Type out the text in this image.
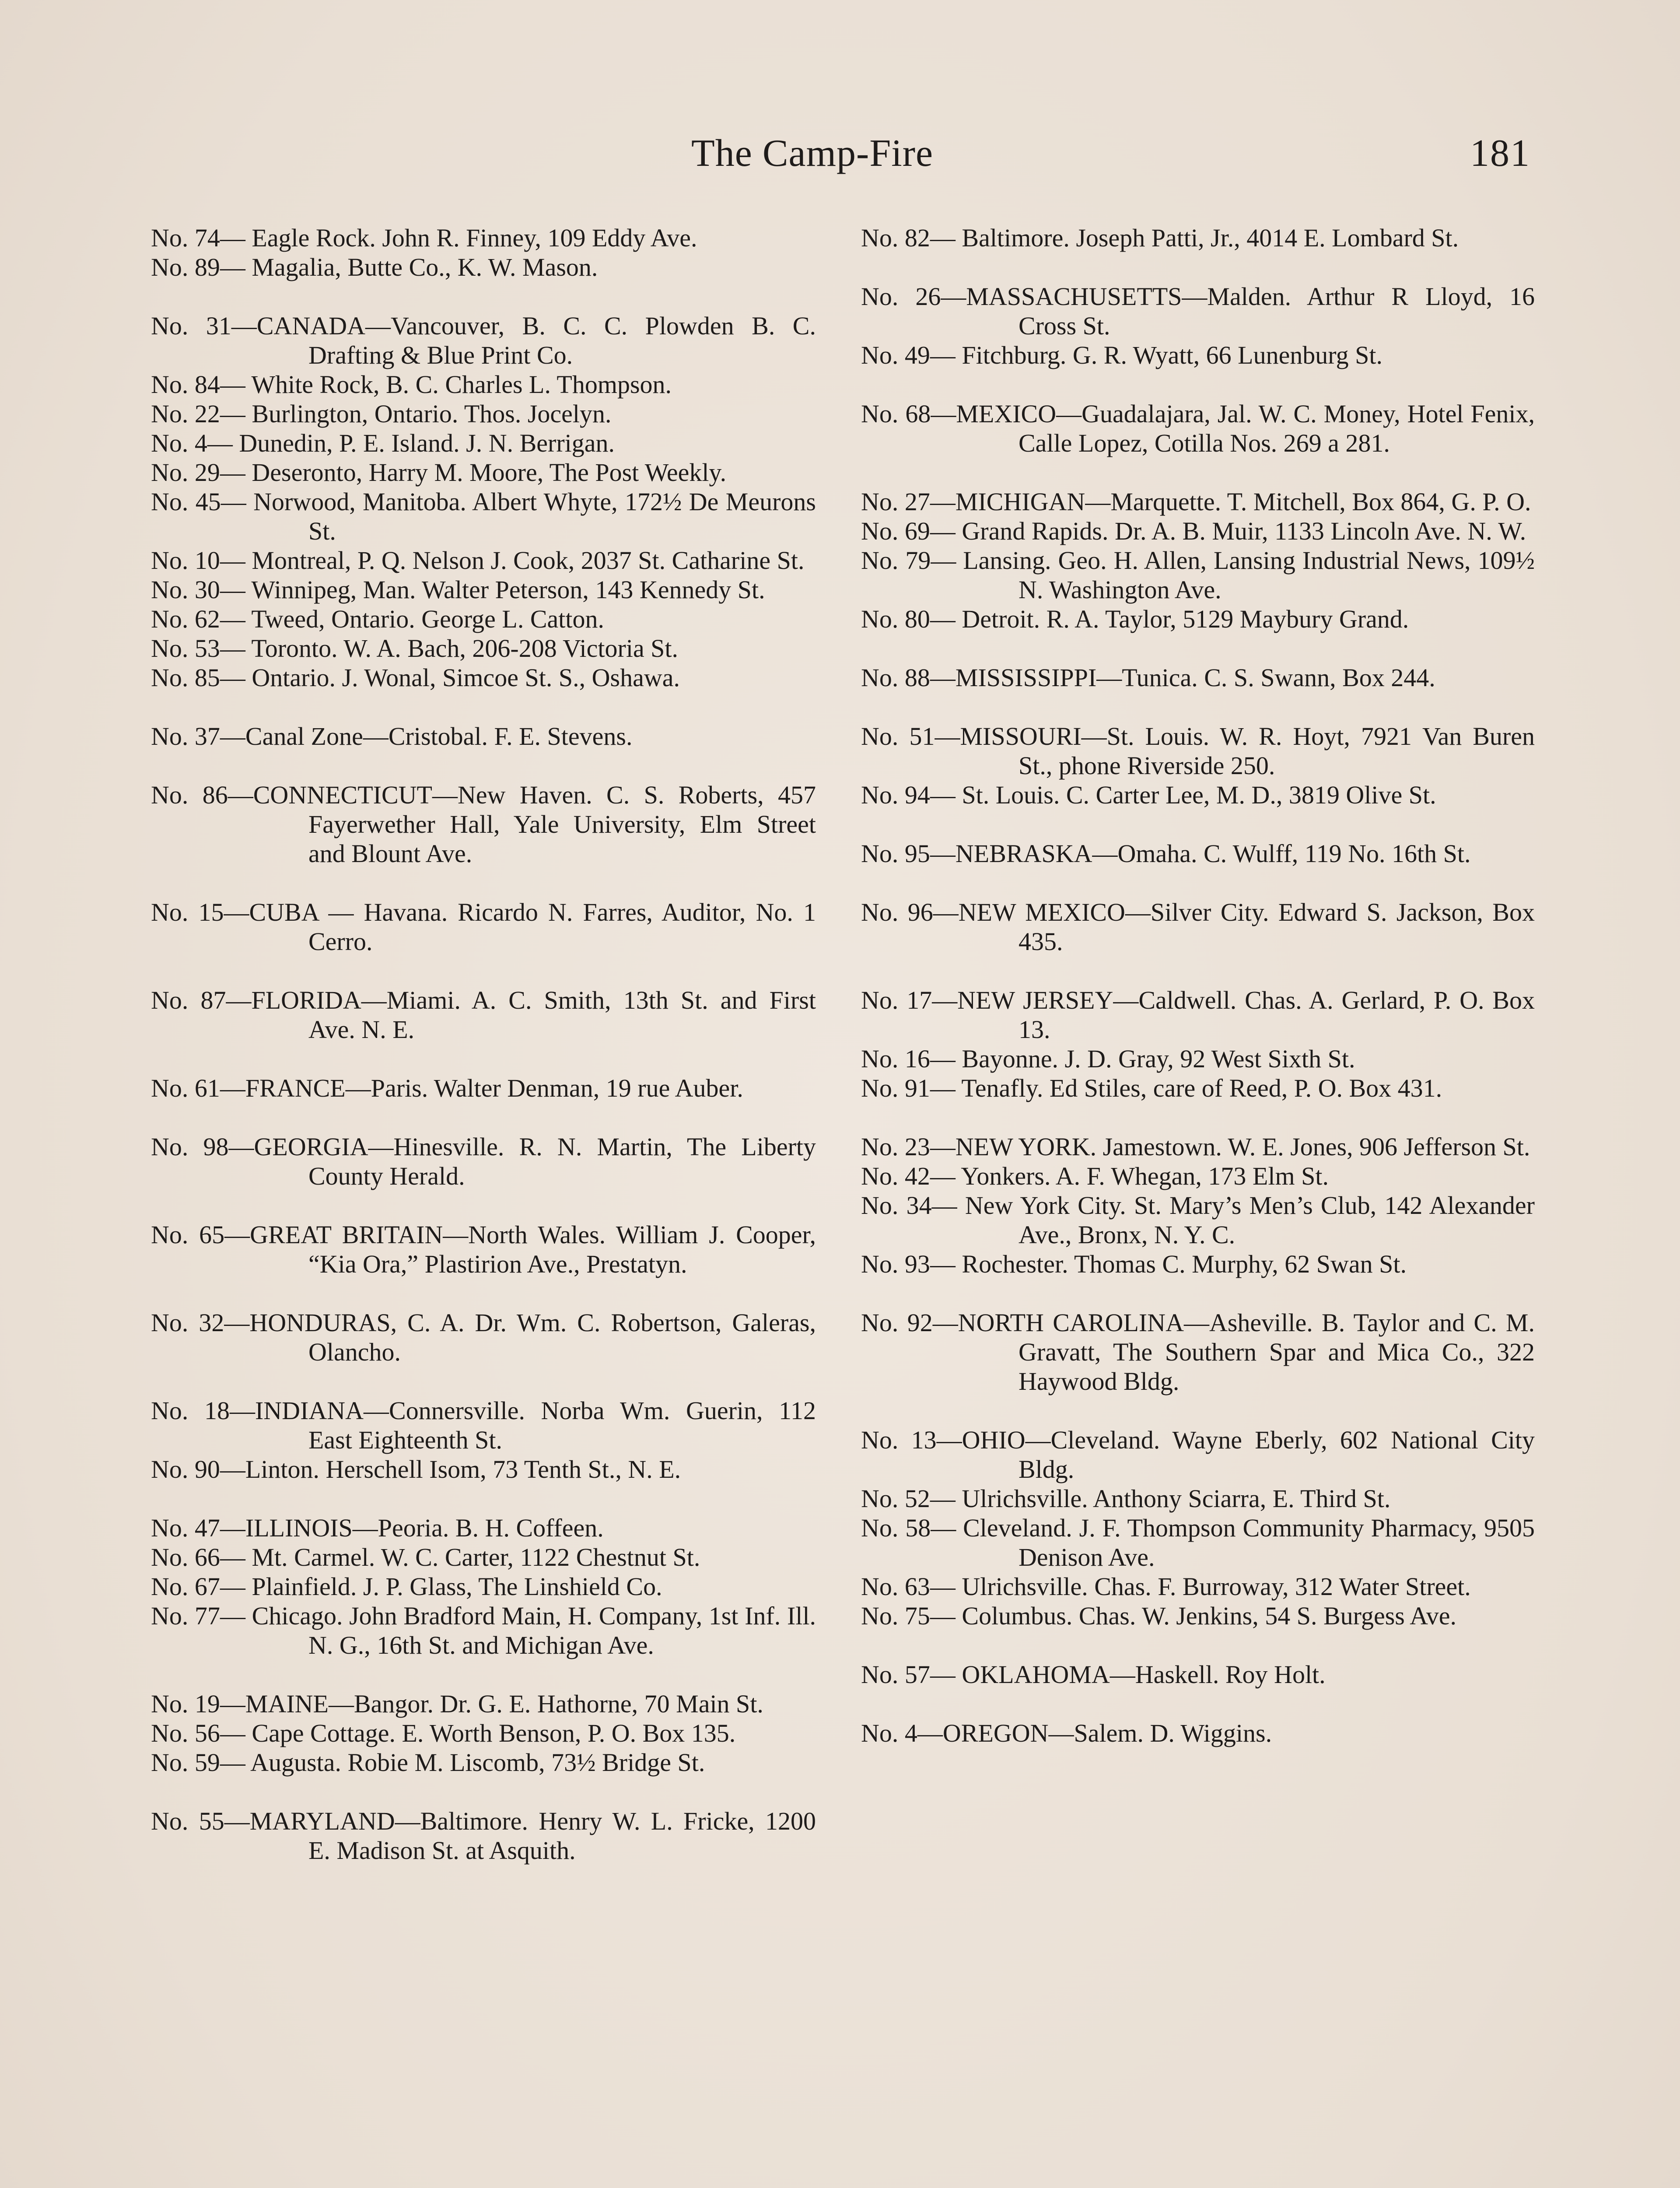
The Camp-Fire	181
No. 74— Eagle Rock. John R. Finney, 109 Eddy Ave.
No. 89— Magalia, Butte Co., K. W. Mason.
No. 31—CANADA—Vancouver, B. C. C. Plowden B. C. Drafting & Blue Print Co.
No. 84— White Rock, B. C. Charles L. Thompson.
No. 22— Burlington, Ontario. Thos. Jocelyn.
No. 4— Dunedin, P. E. Island. J. N. Berrigan.
No. 29— Deseronto, Harry M. Moore, The Post Weekly.
No. 45— Norwood, Manitoba. Albert Whyte, 172½ De Meurons St.
No. 10— Montreal, P. Q. Nelson J. Cook, 2037 St. Catharine St.
No. 30— Winnipeg, Man. Walter Peterson, 143 Kennedy St.
No. 62— Tweed, Ontario. George L. Catton.
No. 53— Toronto. W. A. Bach, 206-208 Victoria St.
No. 85— Ontario. J. Wonal, Simcoe St. S., Oshawa.
No. 37—Canal Zone—Cristobal. F. E. Stevens.
No. 86—CONNECTICUT—New Haven. C. S. Roberts, 457 Fayerwether Hall, Yale University, Elm Street and Blount Ave.
No. 15—CUBA — Havana. Ricardo N. Farres, Auditor, No. 1 Cerro.
No. 87—FLORIDA—Miami. A. C. Smith, 13th St. and First Ave. N. E.
No. 61—FRANCE—Paris. Walter Denman, 19 rue Auber.
No. 98—GEORGIA—Hinesville. R. N. Martin, The Liberty County Herald.
No. 65—GREAT BRITAIN—North Wales. William J. Cooper, “Kia Ora,” Plastirion Ave., Prestatyn.
No. 32—HONDURAS, C. A. Dr. Wm. C. Robertson, Galeras, Olancho.
No. 18—INDIANA—Connersville. Norba Wm. Guerin, 112 East Eighteenth St.
No. 90—Linton. Herschell Isom, 73 Tenth St., N. E.
No. 47—ILLINOIS—Peoria. B. H. Coffeen.
No. 66— Mt. Carmel. W. C. Carter, 1122 Chestnut St.
No. 67— Plainfield. J. P. Glass, The Linshield Co.
No. 77— Chicago. John Bradford Main, H. Company, 1st Inf. Ill. N. G., 16th St. and Michigan Ave.
No. 19—MAINE—Bangor. Dr. G. E. Hathorne, 70 Main St.
No. 56— Cape Cottage. E. Worth Benson, P. O. Box 135.
No. 59— Augusta. Robie M. Liscomb, 73½ Bridge St.
No. 55—MARYLAND—Baltimore. Henry W. L. Fricke, 1200 E. Madison St. at Asquith.
No. 82— Baltimore. Joseph Patti, Jr., 4014 E. Lombard St.
No. 26—MASSACHUSETTS—Malden. Arthur R Lloyd, 16 Cross St.
No. 49— Fitchburg. G. R. Wyatt, 66 Lunenburg St.
No. 68—MEXICO—Guadalajara, Jal. W. C. Money, Hotel Fenix, Calle Lopez, Cotilla Nos. 269 a 281.
No. 27—MICHIGAN—Marquette. T. Mitchell, Box 864, G. P. O.
No. 69— Grand Rapids. Dr. A. B. Muir, 1133 Lincoln Ave. N. W.
No. 79— Lansing. Geo. H. Allen, Lansing Industrial News, 109½ N. Washington Ave.
No. 80— Detroit. R. A. Taylor, 5129 Maybury Grand.
No. 88—MISSISSIPPI—Tunica. C. S. Swann, Box 244.
No. 51—MISSOURI—St. Louis. W. R. Hoyt, 7921 Van Buren St., phone Riverside 250.
No. 94— St. Louis. C. Carter Lee, M. D., 3819 Olive St.
No. 95—NEBRASKA—Omaha. C. Wulff, 119 No. 16th St.
No. 96—NEW MEXICO—Silver City. Edward S. Jackson, Box 435.
No. 17—NEW JERSEY—Caldwell. Chas. A. Gerlard, P. O. Box 13.
No. 16— Bayonne. J. D. Gray, 92 West Sixth St.
No. 91— Tenafly. Ed Stiles, care of Reed, P. O. Box 431.
No. 23—NEW YORK. Jamestown. W. E. Jones, 906 Jefferson St.
No. 42— Yonkers. A. F. Whegan, 173 Elm St.
No. 34— New York City. St. Mary’s Men’s Club, 142 Alexander Ave., Bronx, N. Y. C.
No. 93— Rochester. Thomas C. Murphy, 62 Swan St.
No. 92—NORTH CAROLINA—Asheville. B. Taylor and C. M. Gravatt, The Southern Spar and Mica Co., 322 Haywood Bldg.
No. 13—OHIO—Cleveland. Wayne Eberly, 602 National City Bldg.
No. 52— Ulrichsville. Anthony Sciarra, E. Third St.
No. 58— Cleveland. J. F. Thompson Community Pharmacy, 9505 Denison Ave.
No. 63— Ulrichsville. Chas. F. Burroway, 312 Water Street.
No. 75— Columbus. Chas. W. Jenkins, 54 S. Burgess Ave.
No. 57— OKLAHOMA—Haskell. Roy Holt.
No. 4—OREGON—Salem. D. Wiggins.
